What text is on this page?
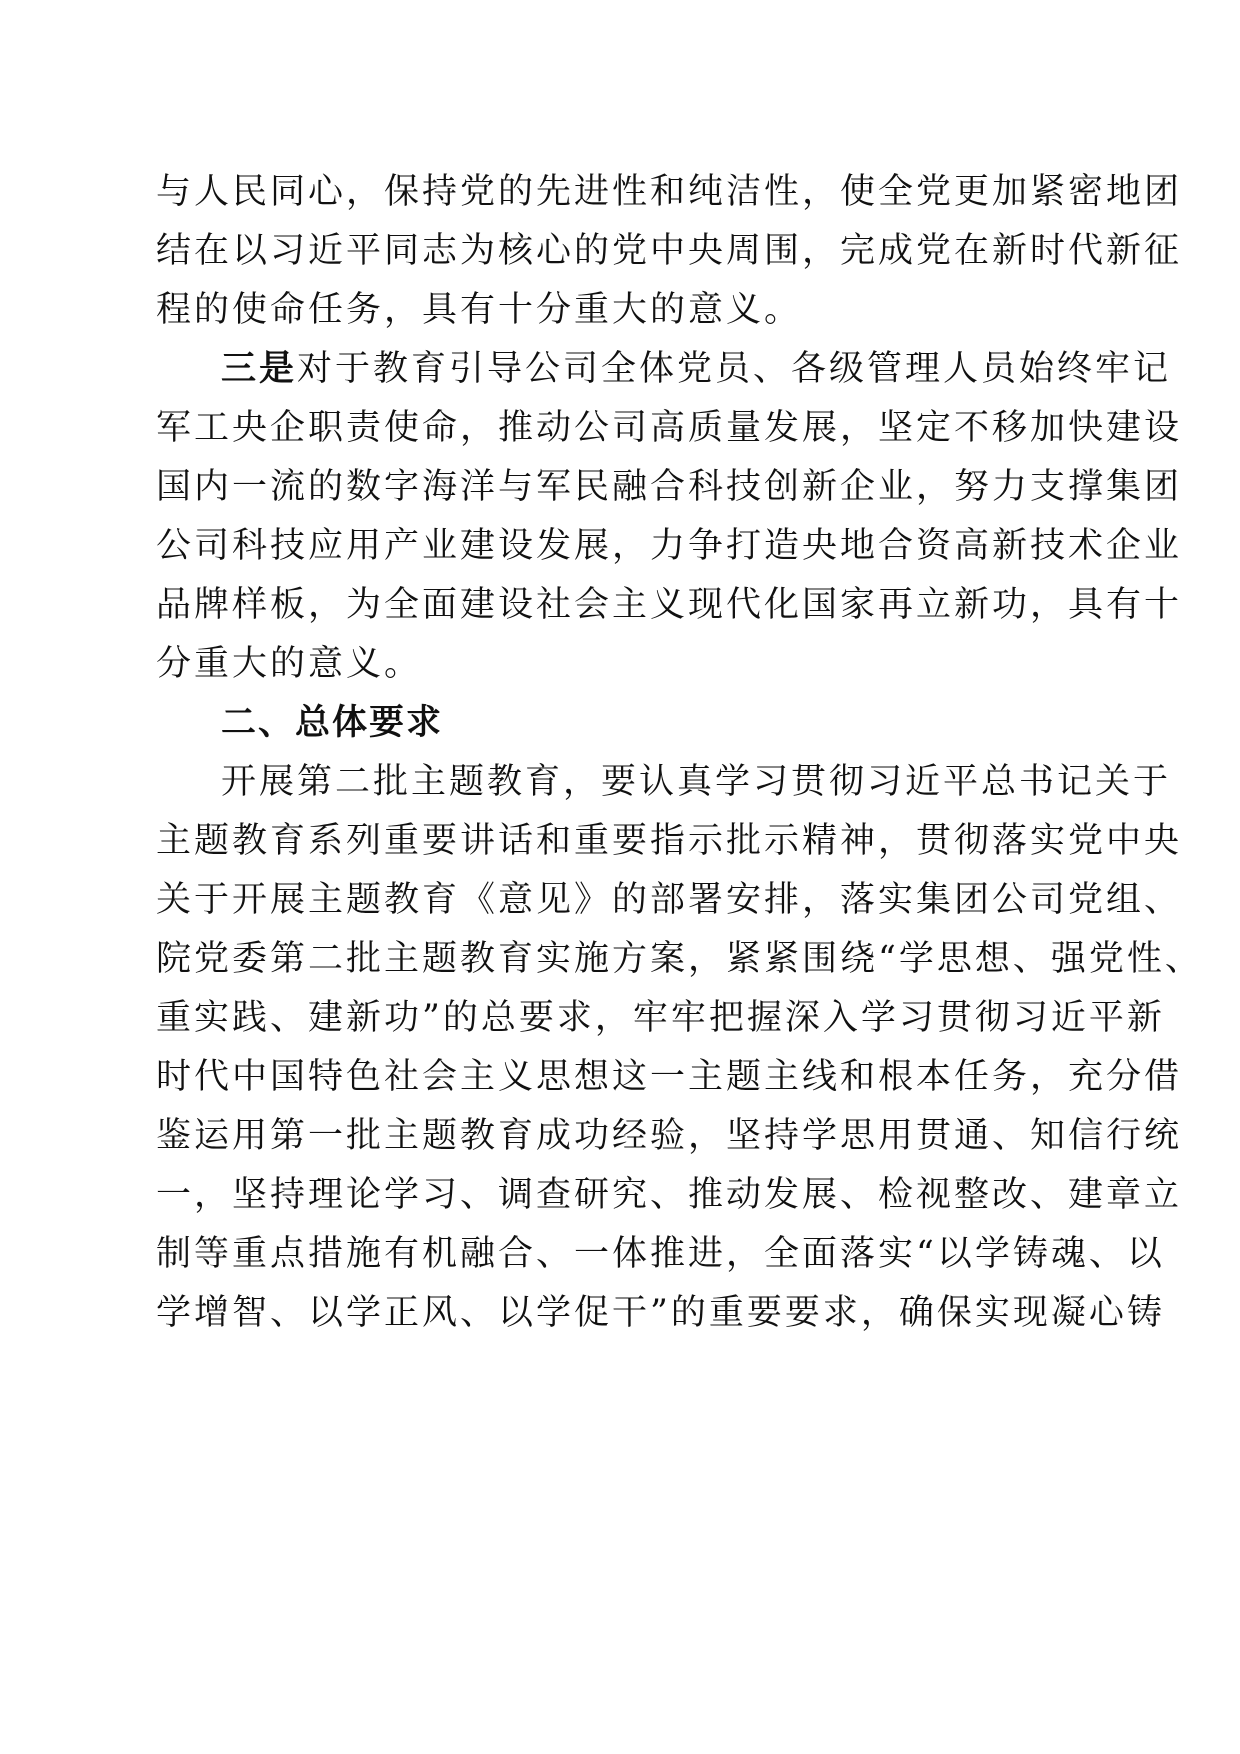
与人民同心，保持党的先进性和纯洁性，使全党更加紧密地团
结在以习近平同志为核心的党中央周围，完成党在新时代新征
程的使命任务，具有十分重大的意义。
三是对于教育引导公司全体党员、各级管理人员始终牢记
军工央企职责使命，推动公司高质量发展，坚定不移加快建设
国内一流的数字海洋与军民融合科技创新企业，努力支撑集团
公司科技应用产业建设发展，力争打造央地合资高新技术企业
品牌样板，为全面建设社会主义现代化国家再立新功，具有十
分重大的意义。
二、总体要求
开展第二批主题教育，要认真学习贯彻习近平总书记关于
主题教育系列重要讲话和重要指示批示精神，贯彻落实党中央
关于开展主题教育《意见》的部署安排，落实集团公司党组、
院党委第二批主题教育实施方案，紧紧围绕“学思想、强党性、
重实践、建新功”的总要求，牢牢把握深入学习贯彻习近平新
时代中国特色社会主义思想这一主题主线和根本任务，充分借
鉴运用第一批主题教育成功经验，坚持学思用贯通、知信行统
一，坚持理论学习、调查研究、推动发展、检视整改、建章立
制等重点措施有机融合、一体推进，全面落实“以学铸魂、以
学增智、以学正风、以学促干”的重要要求，确保实现凝心铸
